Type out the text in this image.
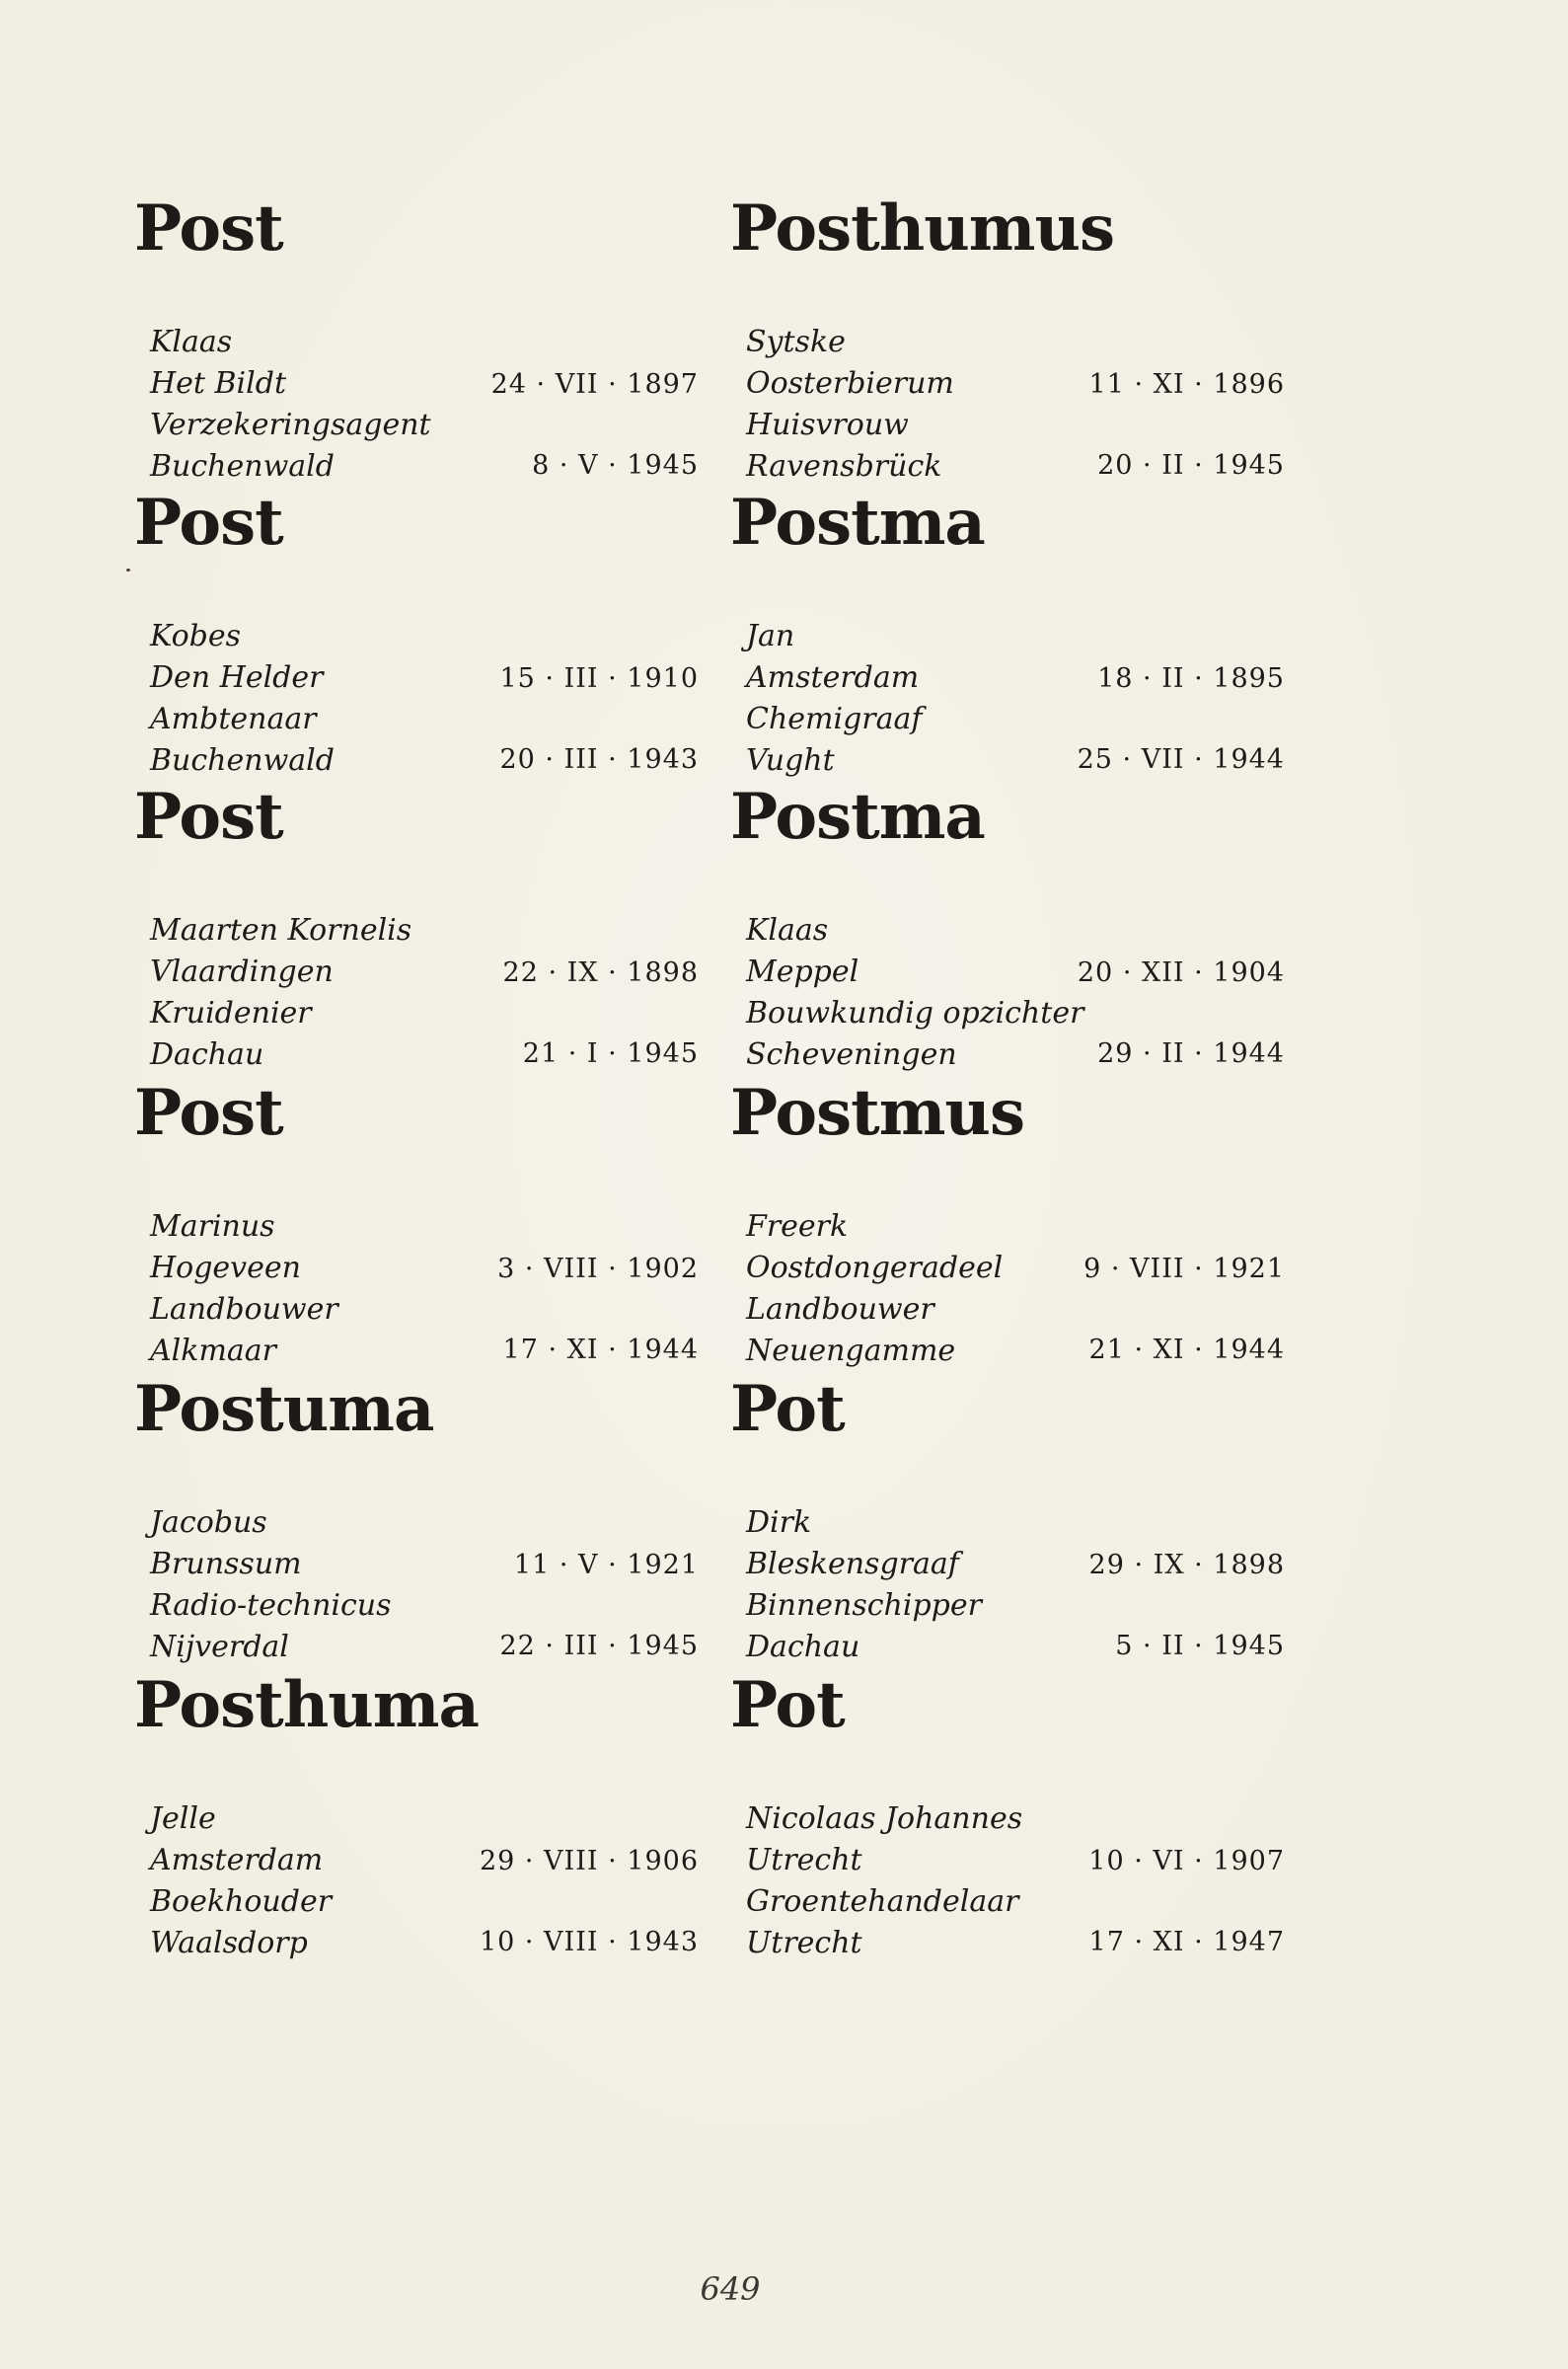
Post
Klaas
Het Bildt	24 · VII · 1897
Verzekeringsagent
Buchenwald	8 · V · 1945
Post
Kobes
Den Helder	15 · III · 1910
Ambtenaar
Buchenwald	20 · III · 1943
Post
Maarten Kornelis
Vlaardingen	22 · IX · 1898
Kruidenier
Dachau	21 · I · 1945
Post
Marinus
Hogeveen	3 · VIII · 1902
Landbouwer
Alkmaar	17 · XI · 1944
Postuma
Jacobus
Brunssum	11 · V · 1921
Radio-technicus
Nijverdal	22 · III · 1945
Posthuma
Jelle
Amsterdam	29 · VIII · 1906
Boekhouder
Waalsdorp	10 · VIII · 1943
Posthumus
Sytske
Oosterbierum	11 · XI · 1896
Huisvrouw
Ravensbrück	20 · II · 1945
Postma
Jan
Amsterdam	18 · II · 1895
Chemigraaf
Vught	25 · VII · 1944
Postma
Klaas
Meppel	20 · XII · 1904
Bouwkundig opzichter
Scheveningen	29 · II · 1944
Postmus
Freerk
Oostdongeradeel	9 · VIII · 1921
Landbouwer
Neuengamme	21 · XI · 1944
Pot
Dirk
Bleskensgraaf	29 · IX · 1898
Binnenschipper
Dachau	5 · II · 1945
Pot
Nicolaas Johannes
Utrecht	10 · VI · 1907
Groentehandelaar
Utrecht	17 · XI · 1947
649
